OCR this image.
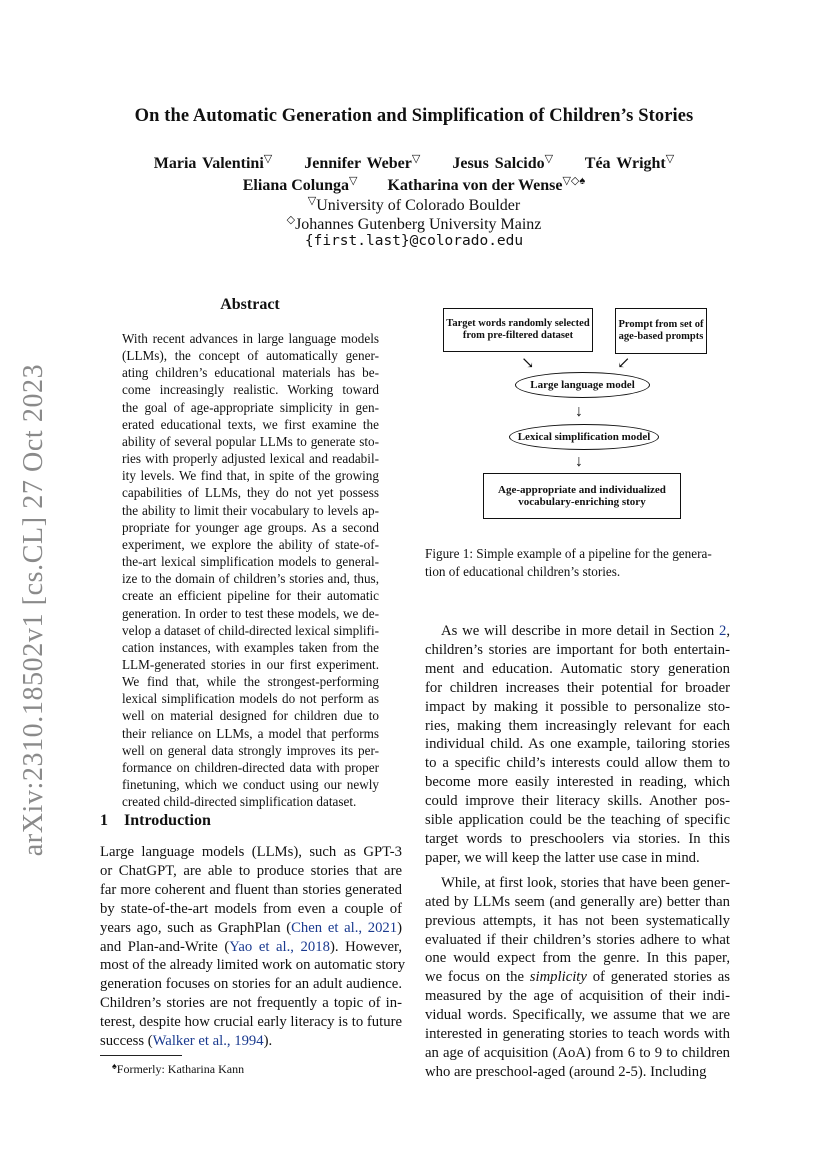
arXiv:2310.18502v1 [cs.CL] 27 Oct 2023
On the Automatic Generation and Simplification of Children’s Stories
Maria Valentini▽ Jennifer Weber▽ Jesus Salcido▽ Téa Wright▽
Eliana Colunga▽ Katharina von der Wense▽◇♠
▽University of Colorado Boulder
◇Johannes Gutenberg University Mainz
{first.last}@colorado.edu
Abstract
With recent advances in large language models
(LLMs), the concept of automatically gener-
ating children’s educational materials has be-
come increasingly realistic. Working toward
the goal of age-appropriate simplicity in gen-
erated educational texts, we first examine the
ability of several popular LLMs to generate sto-
ries with properly adjusted lexical and readabil-
ity levels. We find that, in spite of the growing
capabilities of LLMs, they do not yet possess
the ability to limit their vocabulary to levels ap-
propriate for younger age groups. As a second
experiment, we explore the ability of state-of-
the-art lexical simplification models to general-
ize to the domain of children’s stories and, thus,
create an efficient pipeline for their automatic
generation. In order to test these models, we de-
velop a dataset of child-directed lexical simplifi-
cation instances, with examples taken from the
LLM-generated stories in our first experiment.
We find that, while the strongest-performing
lexical simplification models do not perform as
well on material designed for children due to
their reliance on LLMs, a model that performs
well on general data strongly improves its per-
formance on children-directed data with proper
finetuning, which we conduct using our newly
created child-directed simplification dataset.
1 Introduction
Large language models (LLMs), such as GPT-3
or ChatGPT, are able to produce stories that are
far more coherent and fluent than stories generated
by state-of-the-art models from even a couple of
years ago, such as GraphPlan (Chen et al., 2021)
and Plan-and-Write (Yao et al., 2018). However,
most of the already limited work on automatic story
generation focuses on stories for an adult audience.
Children’s stories are not frequently a topic of in-
terest, despite how crucial early literacy is to future
success (Walker et al., 1994).
♠Formerly: Katharina Kann
Target words randomly selected from pre-filtered dataset
Prompt from set of age-based prompts
↘	↙
Large language model
↓
Lexical simplification model
↓
Age-appropriate and individualized vocabulary-enriching story
Figure 1: Simple example of a pipeline for the genera-
tion of educational children’s stories.
As we will describe in more detail in Section 2,
children’s stories are important for both entertain-
ment and education. Automatic story generation
for children increases their potential for broader
impact by making it possible to personalize sto-
ries, making them increasingly relevant for each
individual child. As one example, tailoring stories
to a specific child’s interests could allow them to
become more easily interested in reading, which
could improve their literacy skills. Another pos-
sible application could be the teaching of specific
target words to preschoolers via stories. In this
paper, we will keep the latter use case in mind.
While, at first look, stories that have been gener-
ated by LLMs seem (and generally are) better than
previous attempts, it has not been systematically
evaluated if their children’s stories adhere to what
one would expect from the genre. In this paper,
we focus on the simplicity of generated stories as
measured by the age of acquisition of their indi-
vidual words. Specifically, we assume that we are
interested in generating stories to teach words with
an age of acquisition (AoA) from 6 to 9 to children
who are preschool-aged (around 2-5). Including
